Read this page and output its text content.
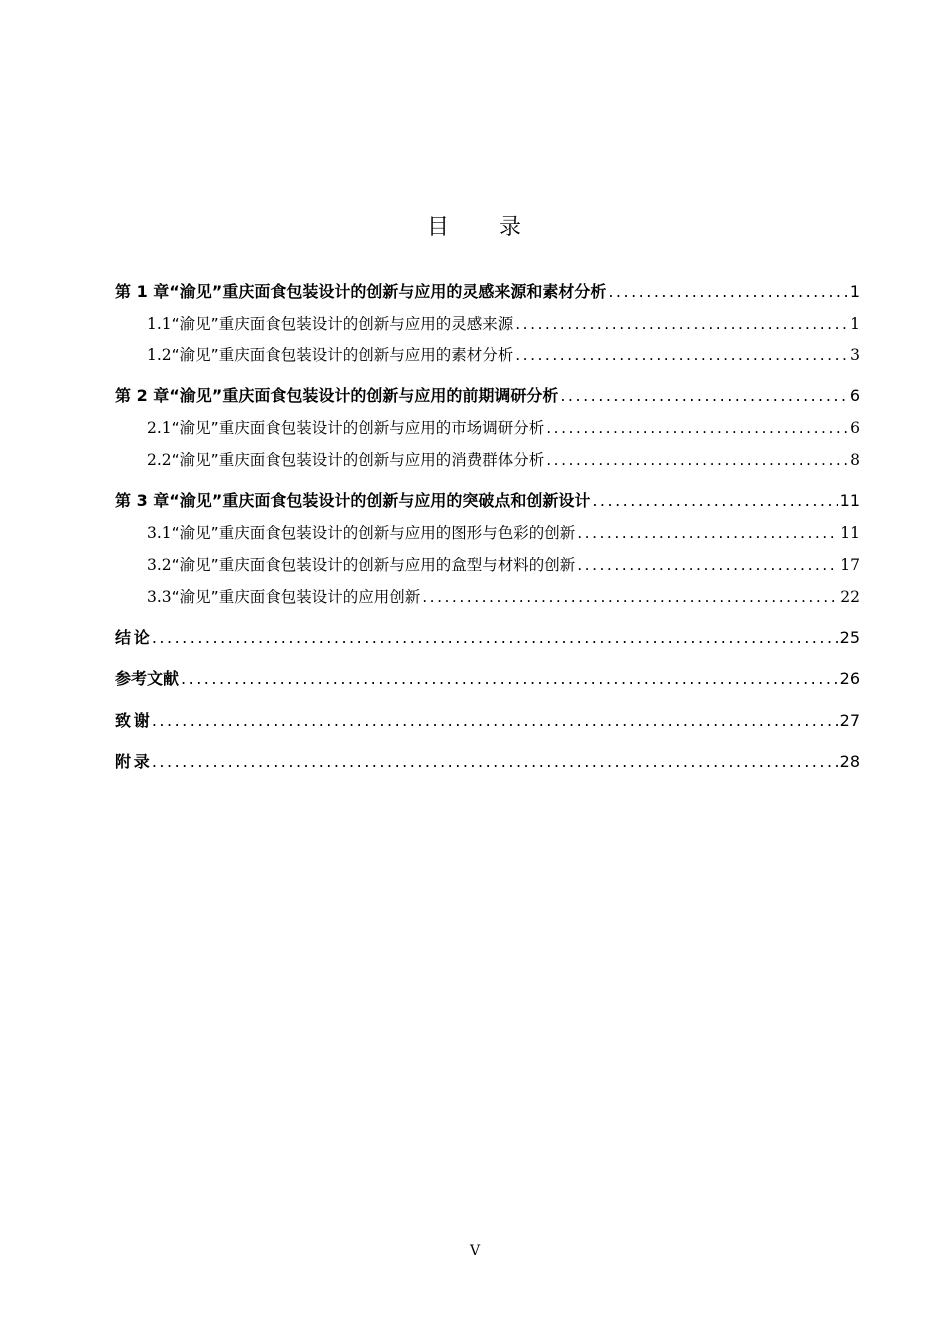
目 录
第 1 章 “渝见”重庆面食包装设计的创新与应用的灵感来源和素材分析 .....	1
1.1 “渝见”重庆面食包装设计的创新与应用的灵感来源 .....	1
1.2 “渝见”重庆面食包装设计的创新与应用的素材分析 .....	3
第 2 章 “渝见”重庆面食包装设计的创新与应用的前期调研分析 .....	6
2.1 “渝见”重庆面食包装设计的创新与应用的市场调研分析 .....	6
2.2 “渝见”重庆面食包装设计的创新与应用的消费群体分析 .....	8
第 3 章 “渝见”重庆面食包装设计的创新与应用的突破点和创新设计 .....	11
3.1 “渝见”重庆面食包装设计的创新与应用的图形与色彩的创新 .....	11
3.2 “渝见”重庆面食包装设计的创新与应用的盒型与材料的创新 .....	17
3.3 “渝见”重庆面食包装设计的应用创新 .....	22
结 论 .....	25
参考文献 .....	26
致 谢 .....	27
附 录 .....	28
V
